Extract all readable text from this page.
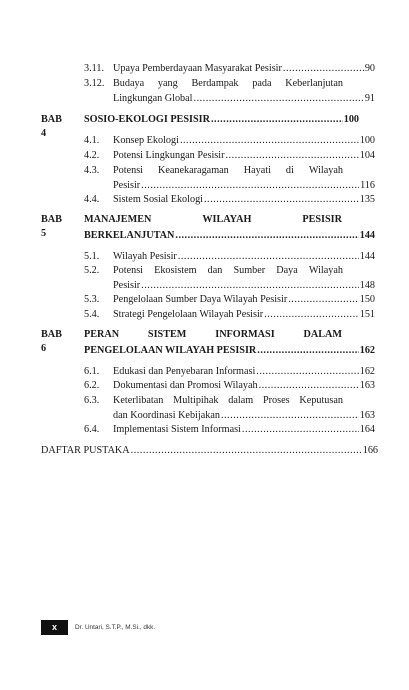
3.11. Upaya Pemberdayaan Masyarakat Pesisir .....	90
3.12. Budaya yang Berdampak pada Keberlanjutan
Lingkungan Global .....	91
BAB 4
SOSIO-EKOLOGI PESISIR .....	100
4.1.	Konsep Ekologi .....	100
4.2.	Potensi Lingkungan Pesisir .....	104
4.3.	Potensi Keanekaragaman Hayati di Wilayah
Pesisir .....	116
4.4.	Sistem Sosial Ekologi .....	135
BAB 5
MANAJEMEN	WILAYAH	PESISIR
BERKELANJUTAN .....	144
5.1.	Wilayah Pesisir .....	144
5.2.	Potensi Ekosistem dan Sumber Daya Wilayah
Pesisir .....	148
5.3.	Pengelolaan Sumber Daya Wilayah Pesisir .....	150
5.4.	Strategi Pengelolaan Wilayah Pesisir .....	151
BAB 6
PERAN	SISTEM	INFORMASI	DALAM
PENGELOLAAN WILAYAH PESISIR .....	162
6.1.	Edukasi dan Penyebaran Informasi .....	162
6.2.	Dokumentasi dan Promosi Wilayah .....	163
6.3.	Keterlibatan Multipihak dalam Proses Keputusan
dan Koordinasi Kebijakan .....	163
6.4.	Implementasi Sistem Informasi .....	164
DAFTAR PUSTAKA .....	166
x	Dr. Untari, S.T.P., M.Si., dkk.
